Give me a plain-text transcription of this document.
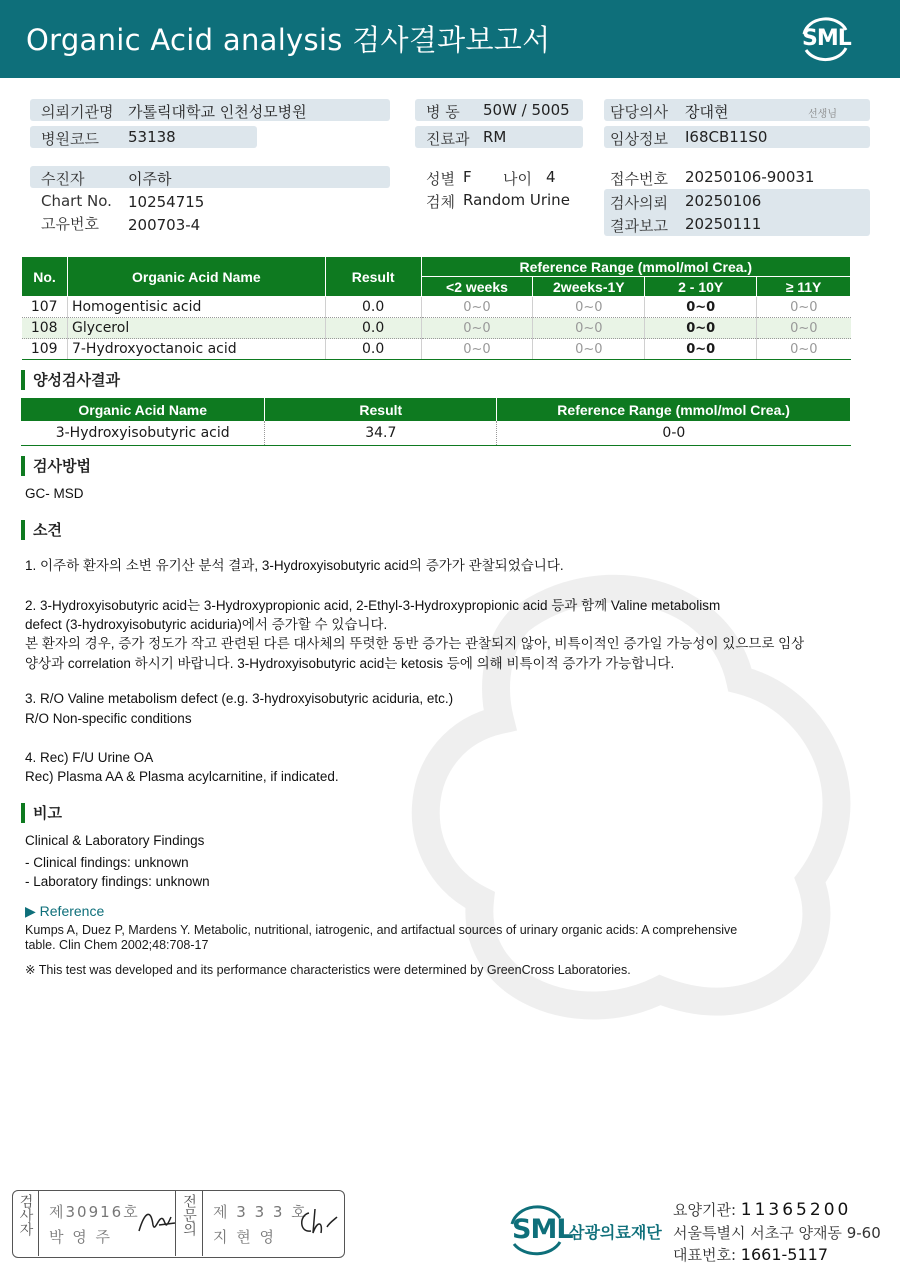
Organic Acid analysis 검사결과보고서	SML
의뢰기관명 가톨릭대학교 인천성모병원
병원코드 53138
병 동 50W / 5005
진료과 RM
담당의사 장대현	선생님
임상정보 I68CB11S0
수진자	이주하
Chart No. 10254715
고유번호 200703-4
성별 F 나이 4
검체 Random Urine
접수번호 20250106-90031
검사의뢰 20250106
결과보고 20250111
No.	Organic Acid Name	Result	Reference Range (mmol/mol Crea.)			
			<2 weeks	2weeks-1Y	2 - 10Y	≥ 11Y
107	Homogentisic acid	0.0	0~0	0~0	0~0	0~0
108	Glycerol	0.0	0~0	0~0	0~0	0~0
109	7-Hydroxyoctanoic acid	0.0	0~0	0~0	0~0	0~0
양성검사결과
Organic Acid Name	Result	Reference Range (mmol/mol Crea.)
3-Hydroxyisobutyric acid	34.7	0-0
검사방법
GC- MSD
소견
1. 이주하 환자의 소변 유기산 분석 결과, 3-Hydroxyisobutyric acid의 증가가 관찰되었습니다.
2. 3-Hydroxyisobutyric acid는 3-Hydroxypropionic acid, 2-Ethyl-3-Hydroxypropionic acid 등과 함께 Valine metabolism
defect (3-hydroxyisobutyric aciduria)에서 증가할 수 있습니다.
본 환자의 경우, 증가 정도가 작고 관련된 다른 대사체의 뚜렷한 동반 증가는 관찰되지 않아, 비특이적인 증가일 가능성이 있으므로 임상
양상과 correlation 하시기 바랍니다. 3-Hydroxyisobutyric acid는 ketosis 등에 의해 비특이적 증가가 가능합니다.
3. R/O Valine metabolism defect (e.g. 3-hydroxyisobutyric aciduria, etc.)
R/O Non-specific conditions
4. Rec) F/U Urine OA
Rec) Plasma AA & Plasma acylcarnitine, if indicated.
비고
Clinical & Laboratory Findings
- Clinical findings: unknown
- Laboratory findings: unknown
▶ Reference
Kumps A, Duez P, Mardens Y. Metabolic, nutritional, iatrogenic, and artifactual sources of urinary organic acids: A comprehensive
table. Clin Chem 2002;48:708-17
※ This test was developed and its performance characteristics were determined by GreenCross Laboratories.
검사자	제30916호
박 영 주
전문의	제 3 3 3 호
지 현 영	SML
삼광의료재단
요양기관: 11365200
서울특별시 서초구 양재동 9-60
대표번호: 1661-5117
